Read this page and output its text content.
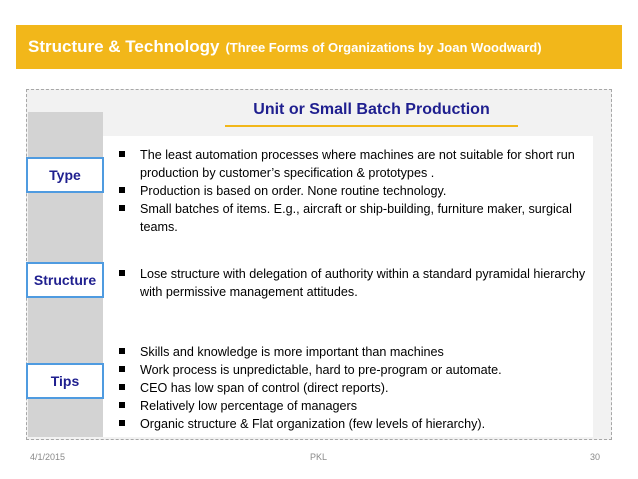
Structure & Technology (Three Forms of Organizations by Joan Woodward)
Unit or Small Batch Production
Type
Structure
Tips
The least automation processes where machines are not suitable for short run production by customer’s specification & prototypes .
Production is based on order. None routine technology.
Small batches of items. E.g., aircraft or ship-building, furniture maker, surgical teams.
Lose structure with delegation of authority within a standard pyramidal hierarchy with permissive management attitudes.
Skills and knowledge is more important than machines
Work process is unpredictable, hard to pre-program or automate.
CEO has low span of control (direct reports).
Relatively low percentage of managers
Organic structure & Flat organization (few levels of hierarchy).
4/1/2015	PKL	30
